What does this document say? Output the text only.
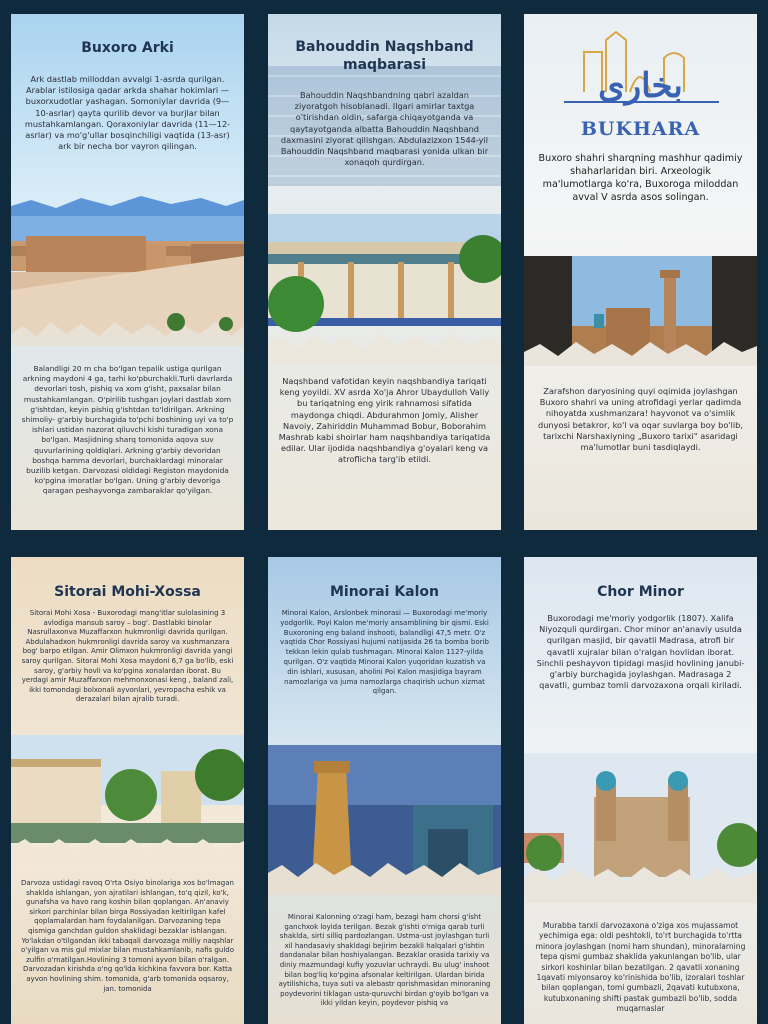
Buxoro Arki
Ark dastlab milloddan avvalgi 1-asrda qurilgan. Arablar istilosiga qadar arkda shahar hokimlari — buxorxudotlar yashagan. Somoniylar davrida (9— 10-asrlar) qayta qurilib devor va burjlar bilan mustahkamlangan. Qoraxoniylar davrida (11—12-asrlar) va mo'g'ullar bosqinchiligi vaqtida (13-asr) ark bir necha bor vayron qilingan.
Balandligi 20 m cha bo'lgan tepalik ustiga qurilgan arkning maydoni 4 ga, tarhi ko'pburchakli.Turli davrlarda devorlari tosh, pishiq va xom g'isht, paxsalar bilan mustahkamlangan. O'pirilib tushgan joylari dastlab xom g'ishtdan, keyin pishiq g'ishtdan to'ldirilgan. Arkning shimoliy- g'arbiy burchagida to'pchi boshining uyi va to'p ishlari ustidan nazorat qiluvchi kishi turadigan xona bo'lgan. Masjidning sharq tomonida aqova suv quvurlarining qoldiqlari. Arkning g'arbiy devoridan boshqa hamma devorlari, burchaklardagi minoralar buzilib ketgan. Darvozasi oldidagi Registon maydonida ko'pgina imoratlar bo'lgan. Uning g'arbiy devoriga qaragan peshayvonga zambaraklar qo'yilgan.
Bahouddin Naqshband maqbarasi
Bahouddin Naqshbandning qabri azaldan ziyoratgoh hisoblanadi. Ilgari amirlar taxtga o'tirishdan oldin, safarga chiqayotganda va qaytayotganda albatta Bahouddin Naqshband daxmasini ziyorat qilishgan. Abdulazizxon 1544-yil Bahouddin Naqshband maqbarasi yonida ulkan bir xonaqoh qurdirgan.
Naqshband vafotidan keyin naqshbandiya tariqati keng yoyildi. XV asrda Xo'ja Ahror Ubaydulloh Valiy bu tariqatning eng yirik rahnamosi sifatida maydonga chiqdi. Abdurahmon Jomiy, Alisher Navoiy, Zahiriddin Muhammad Bobur, Boborahim Mashrab kabi shoirlar ham naqshbandiya tariqatida edilar. Ular ijodida naqshbandiya g'oyalari keng va atroflicha targ'ib etildi.
بخارى
BUKHARA
Buxoro shahri sharqning mashhur qadimiy shaharlaridan biri. Arxeologik ma'lumotlarga ko'ra, Buxoroga miloddan avval V asrda asos solingan.
Zarafshon daryosining quyi oqimida joylashgan Buxoro shahri va uning atrofidagi yerlar qadimda nihoyatda xushmanzara! hayvonot va o'simlik dunyosi betakror, ko'l va oqar suvlarga boy bo'lib, tarixchi Narshaxiyning „Buxoro tarixi" asaridagi ma'lumotlar buni tasdiqlaydi.
Sitorai Mohi-Xossa
Sitorai Mohi Xosa - Buxorodagi mang'itlar sulolasining 3 avlodiga mansub saroy – bog'. Dastlabki binolar Nasrullaxonva Muzaffarxon hukmronligi davrida qurilgan. Abdulahadxon hukmronligi davrida saroy va xushmanzara bog' barpo etilgan. Amir Olimxon hukmronligi davrida yangi saroy qurilgan. Sitorai Mohi Xosa maydoni 6,7 ga bo'lib, eski saroy, g'arbiy hovli va ko'pgina xonalardan iborat. Bu yerdagi amir Muzaffarxon mehmonxonasi keng , baland zali, ikki tomondagi bolxonali ayvonlari, yevropacha eshik va derazalari bilan ajralib turadi.
Darvoza ustidagi ravoq O'rta Osiyo binolariga xos bo'lmagan shaklda ishlangan, yon ajratilari ishlangan, to'q qizil, ko'k, gunafsha va havo rang koshin bilan qoplangan. An'anaviy sirkori parchinlar bilan birga Rossiyadan keltirilgan kafel qoplamalardan ham foydalanilgan. Darvozaning tepa qismiga ganchdan guldon shaklidagi bezaklar ishlangan. Yo'lakdan o'tilgandan ikki tabaqali darvozaga milliy naqshlar o'yilgan va mis gul mixlar bilan mustahkamlanib, nafis guldo zulfin o'rnatilgan.Hovlining 3 tomoni ayvon bilan o'ralgan. Darvozadan kirishda o'ng qo'lda kichkina favvora bor. Katta ayvon hovlining shim. tomonida, g'arb tomonida oqsaroy, jan. tomonida
Minorai Kalon
Minorai Kalon, Arslonbek minorasi — Buxorodagi me'moriy yodgorlik. Poyi Kalon me'moriy ansamblining bir qismi. Eski Buxoroning eng baland inshooti, balandligi 47,5 metr. O'z vaqtida Chor Rossiyasi hujumi natijasida 26 ta bomba borib tekkan lekin qulab tushmagan. Minorai Kalon 1127-yilda qurilgan. O'z vaqtida Minorai Kalon yuqoridan kuzatish va din ishlari, xususan, aholini Poi Kalon masjidiga bayram namozlariga va juma namozlarga chaqirish uchun xizmat qilgan.
Minorai Kalonning o'zagi ham, bezagi ham chorsi g'isht ganchxok loyida terilgan. Bezak g'ishti o'rniga qarab turli shaklda, sirti silliq pardozlangan. Ustma-ust joylashgan turli xil handasaviy shakldagi bejirim bezakli halqalari g'ishtin dandanalar bilan hoshiyalangan. Bezaklar orasida tarixiy va diniy mazmundagi kufiy yozuvlar uchraydi. Bu ulug' inshoot bilan bog'liq ko'pgina afsonalar keltirilgan. Ulardan birida aytilishicha, tuya suti va alebastr qorishmasidan minoraning poydevorini tiklagan usta-quruvchi birdan g'oyib bo'lgan va ikki yildan keyin, poydevor pishiq va
Chor Minor
Buxorodagi me'moriy yodgorlik (1807). Xalifa Niyozquli qurdirgan. Chor minor an'anaviy usulda qurilgan masjid, bir qavatli Madrasa, atrofi bir qavatli xujralar bilan o'ralgan hovlidan iborat. Sinchli peshayvon tipidagi masjid hovlining janubi-g'arbiy burchagida joylashgan. Madrasaga 2 qavatli, gumbaz tomli darvozaxona orqali kiriladi.
Murabba tarxli darvozaxona o'ziga xos mujassamot yechimiga ega: oldi peshtokli, to'rt burchagida to'rtta minora joylashgan (nomi ham shundan), minoralarning tepa qismi gumbaz shaklida yakunlangan bo'lib, ular sirkori koshinlar bilan bezatilgan. 2 qavatli xonaning 1qavati miyonsaroy ko'rinishida bo'lib, izoralari toshlar bilan qoplangan, tomi gumbazli, 2qavati kutubxona, kutubxonaning shifti pastak gumbazli bo'lib, sodda muqarnaslar
